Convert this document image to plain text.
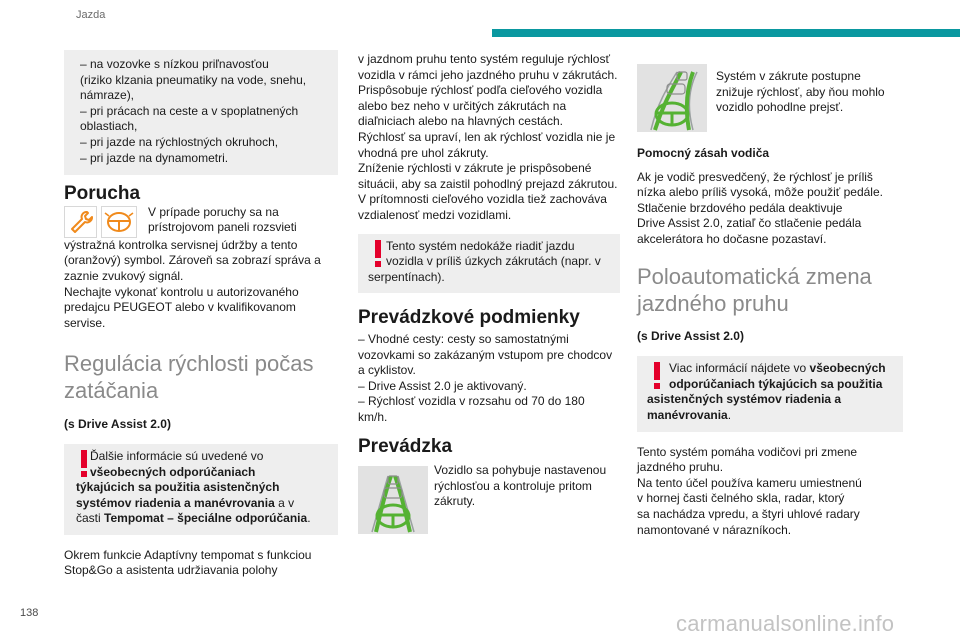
Jazda
– na vozovke s nízkou priľnavosťou
(riziko klzania pneumatiky na vode, snehu,
námraze),
– pri prácach na ceste a v spoplatnených
oblastiach,
– pri jazde na rýchlostných okruhoch,
– pri jazde na dynamometri.
Porucha
V prípade poruchy sa na
prístrojovom paneli rozsvieti
výstražná kontrolka servisnej údržby a tento
(oranžový) symbol. Zároveň sa zobrazí správa a
zaznie zvukový signál.
Nechajte vykonať kontrolu u autorizovaného
predajcu PEUGEOT alebo v kvalifikovanom
servise.
Regulácia rýchlosti počas
zatáčania
(s Drive Assist 2.0)
Ďalšie informácie sú uvedené vo
všeobecných odporúčaniach
týkajúcich sa použitia asistenčných
systémov riadenia a manévrovania a v
časti Tempomat – špeciálne odporúčania.
Okrem funkcie Adaptívny tempomat s funkciou
Stop&Go a asistenta udržiavania polohy
v jazdnom pruhu tento systém reguluje rýchlosť
vozidla v rámci jeho jazdného pruhu v zákrutách.
Prispôsobuje rýchlosť podľa cieľového vozidla
alebo bez neho v určitých zákrutách na
diaľniciach alebo na hlavných cestách.
Rýchlosť sa upraví, len ak rýchlosť vozidla nie je
vhodná pre uhol zákruty.
Zníženie rýchlosti v zákrute je prispôsobené
situácii, aby sa zaistil pohodlný prejazd zákrutou.
V prítomnosti cieľového vozidla tiež zachováva
vzdialenosť medzi vozidlami.
Tento systém nedokáže riadiť jazdu
vozidla v príliš úzkych zákrutách (napr. v
serpentínach).
Prevádzkové podmienky
– Vhodné cesty: cesty so samostatnými
vozovkami so zakázaným vstupom pre chodcov
a cyklistov.
– Drive Assist 2.0 je aktivovaný.
– Rýchlosť vozidla v rozsahu od 70 do 180
km/h.
Prevádzka
Vozidlo sa pohybuje nastavenou
rýchlosťou a kontroluje pritom
zákruty.
Systém v zákrute postupne
znižuje rýchlosť, aby ňou mohlo
vozidlo pohodlne prejsť.
Pomocný zásah vodiča
Ak je vodič presvedčený, že rýchlosť je príliš
nízka alebo príliš vysoká, môže použiť pedále.
Stlačenie brzdového pedála deaktivuje
Drive Assist 2.0, zatiaľ čo stlačenie pedála
akcelerátora ho dočasne pozastaví.
Poloautomatická zmena
jazdného pruhu
(s Drive Assist 2.0)
Viac informácií nájdete vo všeobecných
odporúčaniach týkajúcich sa použitia
asistenčných systémov riadenia a
manévrovania.
Tento systém pomáha vodičovi pri zmene
jazdného pruhu.
Na tento účel používa kameru umiestnenú
v hornej časti čelného skla, radar, ktorý
sa nachádza vpredu, a štyri uhlové radary
namontované v nárazníkoch.
138	carmanualsonline.info
